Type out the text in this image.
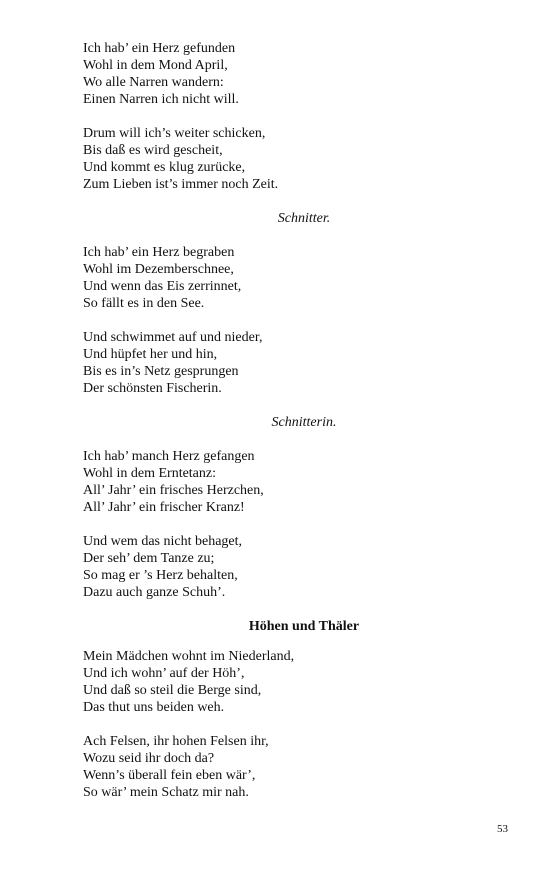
Ich hab’ ein Herz gefunden
Wohl in dem Mond April,
Wo alle Narren wandern:
Einen Narren ich nicht will.
Drum will ich’s weiter schicken,
Bis daß es wird gescheit,
Und kommt es klug zurücke,
Zum Lieben ist’s immer noch Zeit.
Schnitter.
Ich hab’ ein Herz begraben
Wohl im Dezemberschnee,
Und wenn das Eis zerrinnet,
So fällt es in den See.
Und schwimmet auf und nieder,
Und hüpfet her und hin,
Bis es in’s Netz gesprungen
Der schönsten Fischerin.
Schnitterin.
Ich hab’ manch Herz gefangen
Wohl in dem Erntetanz:
All’ Jahr’ ein frisches Herzchen,
All’ Jahr’ ein frischer Kranz!
Und wem das nicht behaget,
Der seh’ dem Tanze zu;
So mag er ’s Herz behalten,
Dazu auch ganze Schuh’.
Höhen und Thäler
Mein Mädchen wohnt im Niederland,
Und ich wohn’ auf der Höh’,
Und daß so steil die Berge sind,
Das thut uns beiden weh.
Ach Felsen, ihr hohen Felsen ihr,
Wozu seid ihr doch da?
Wenn’s überall fein eben wär’,
So wär’ mein Schatz mir nah.
53
